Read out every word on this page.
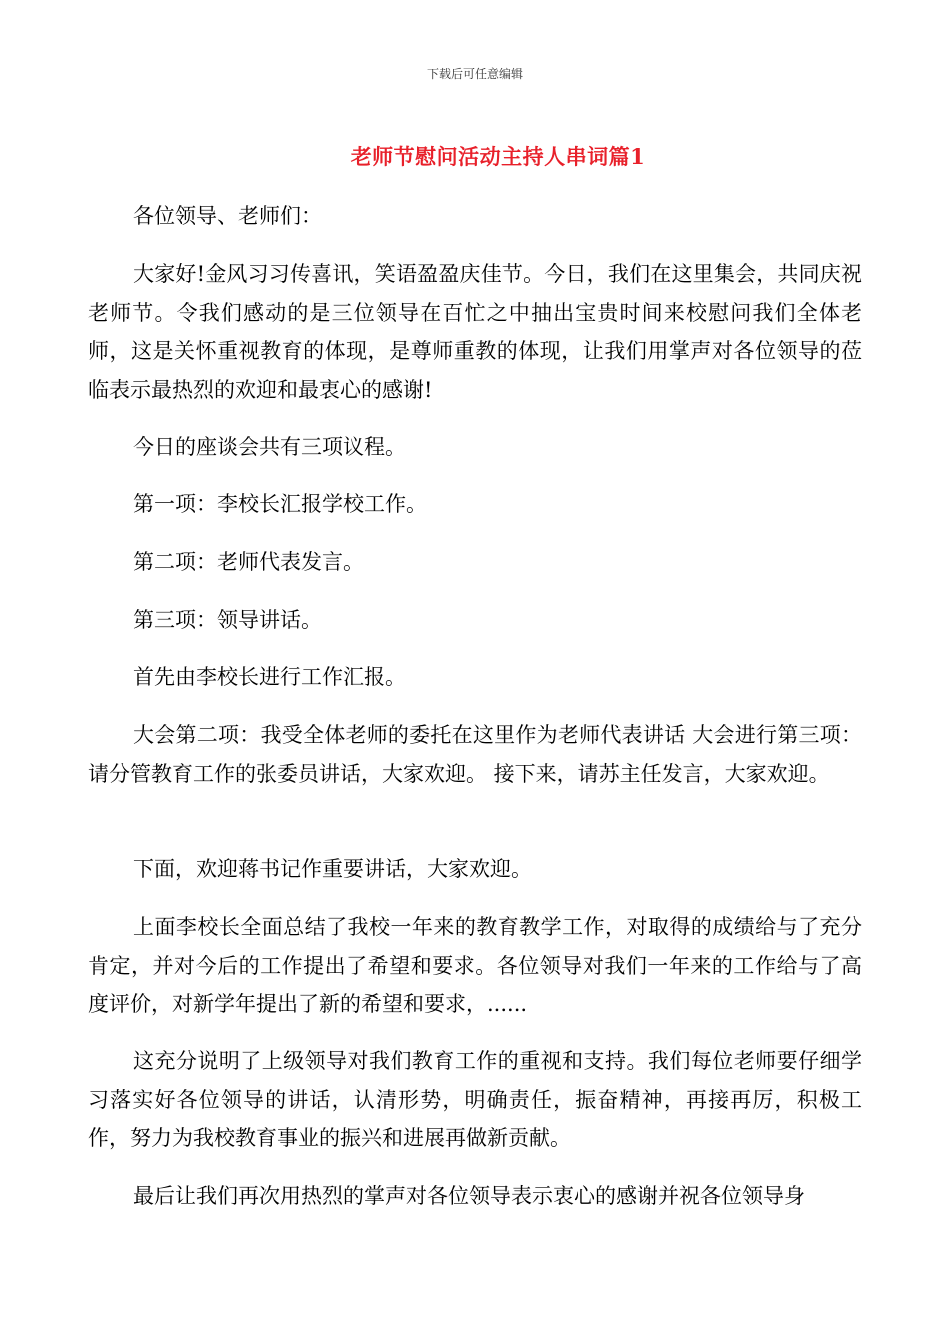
下载后可任意编辑
老师节慰问活动主持人串词篇1

各位领导、老师们：

大家好!金风习习传喜讯，笑语盈盈庆佳节。今日，我们在这里集会，共同庆祝老师节。令我们感动的是三位领导在百忙之中抽出宝贵时间来校慰问我们全体老师，这是关怀重视教育的体现，是尊师重教的体现，让我们用掌声对各位领导的莅临表示最热烈的欢迎和最衷心的感谢!

今日的座谈会共有三项议程。

第一项：李校长汇报学校工作。

第二项：老师代表发言。

第三项：领导讲话。

首先由李校长进行工作汇报。

大会第二项：我受全体老师的委托在这里作为老师代表讲话 大会进行第三项：请分管教育工作的张委员讲话，大家欢迎。 接下来，请苏主任发言，大家欢迎。

下面，欢迎蒋书记作重要讲话，大家欢迎。

上面李校长全面总结了我校一年来的教育教学工作，对取得的成绩给与了充分肯定，并对今后的工作提出了希望和要求。各位领导对我们一年来的工作给与了高度评价，对新学年提出了新的希望和要求，......

这充分说明了上级领导对我们教育工作的重视和支持。我们每位老师要仔细学习落实好各位领导的讲话，认清形势，明确责任，振奋精神，再接再厉，积极工作，努力为我校教育事业的振兴和进展再做新贡献。

最后让我们再次用热烈的掌声对各位领导表示衷心的感谢并祝各位领导身
